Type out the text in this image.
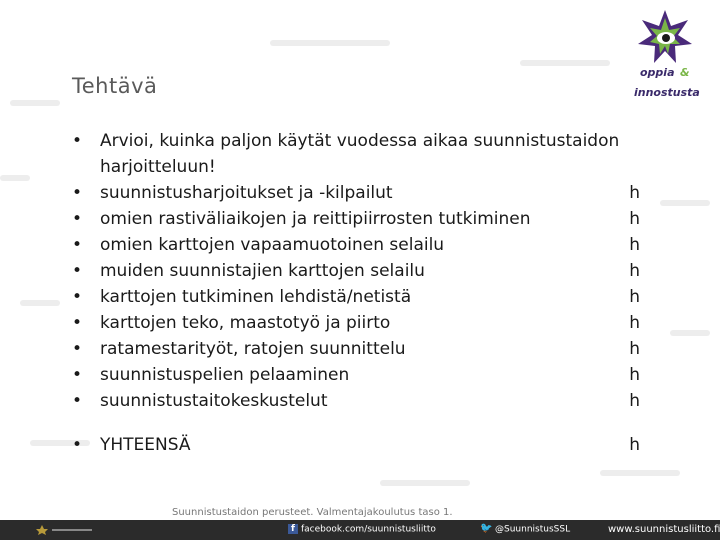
Tehtävä
oppia &
innostusta
•	Arvioi, kuinka paljon käytät vuodessa aikaa suunnistustaidon harjoitteluun!
•	suunnistusharjoitukset ja -kilpailut	h
•	omien rastiväliaikojen ja reittipiirrosten tutkiminen	h
•	omien karttojen vapaamuotoinen selailu	h
•	muiden suunnistajien karttojen selailu	h
•	karttojen tutkiminen lehdistä/netistä	h
•	karttojen teko, maastotyö ja piirto	h
•	ratamestarityöt, ratojen suunnittelu	h
•	suunnistuspelien pelaaminen	h
•	suunnistustaitokeskustelut	h
•	YHTEENSÄ	h
Suunnistustaidon perusteet. Valmentajakoulutus taso 1.
f facebook.com/suunnistusliitto	🐦 @SuunnistusSSL	www.suunnistusliitto.fi
